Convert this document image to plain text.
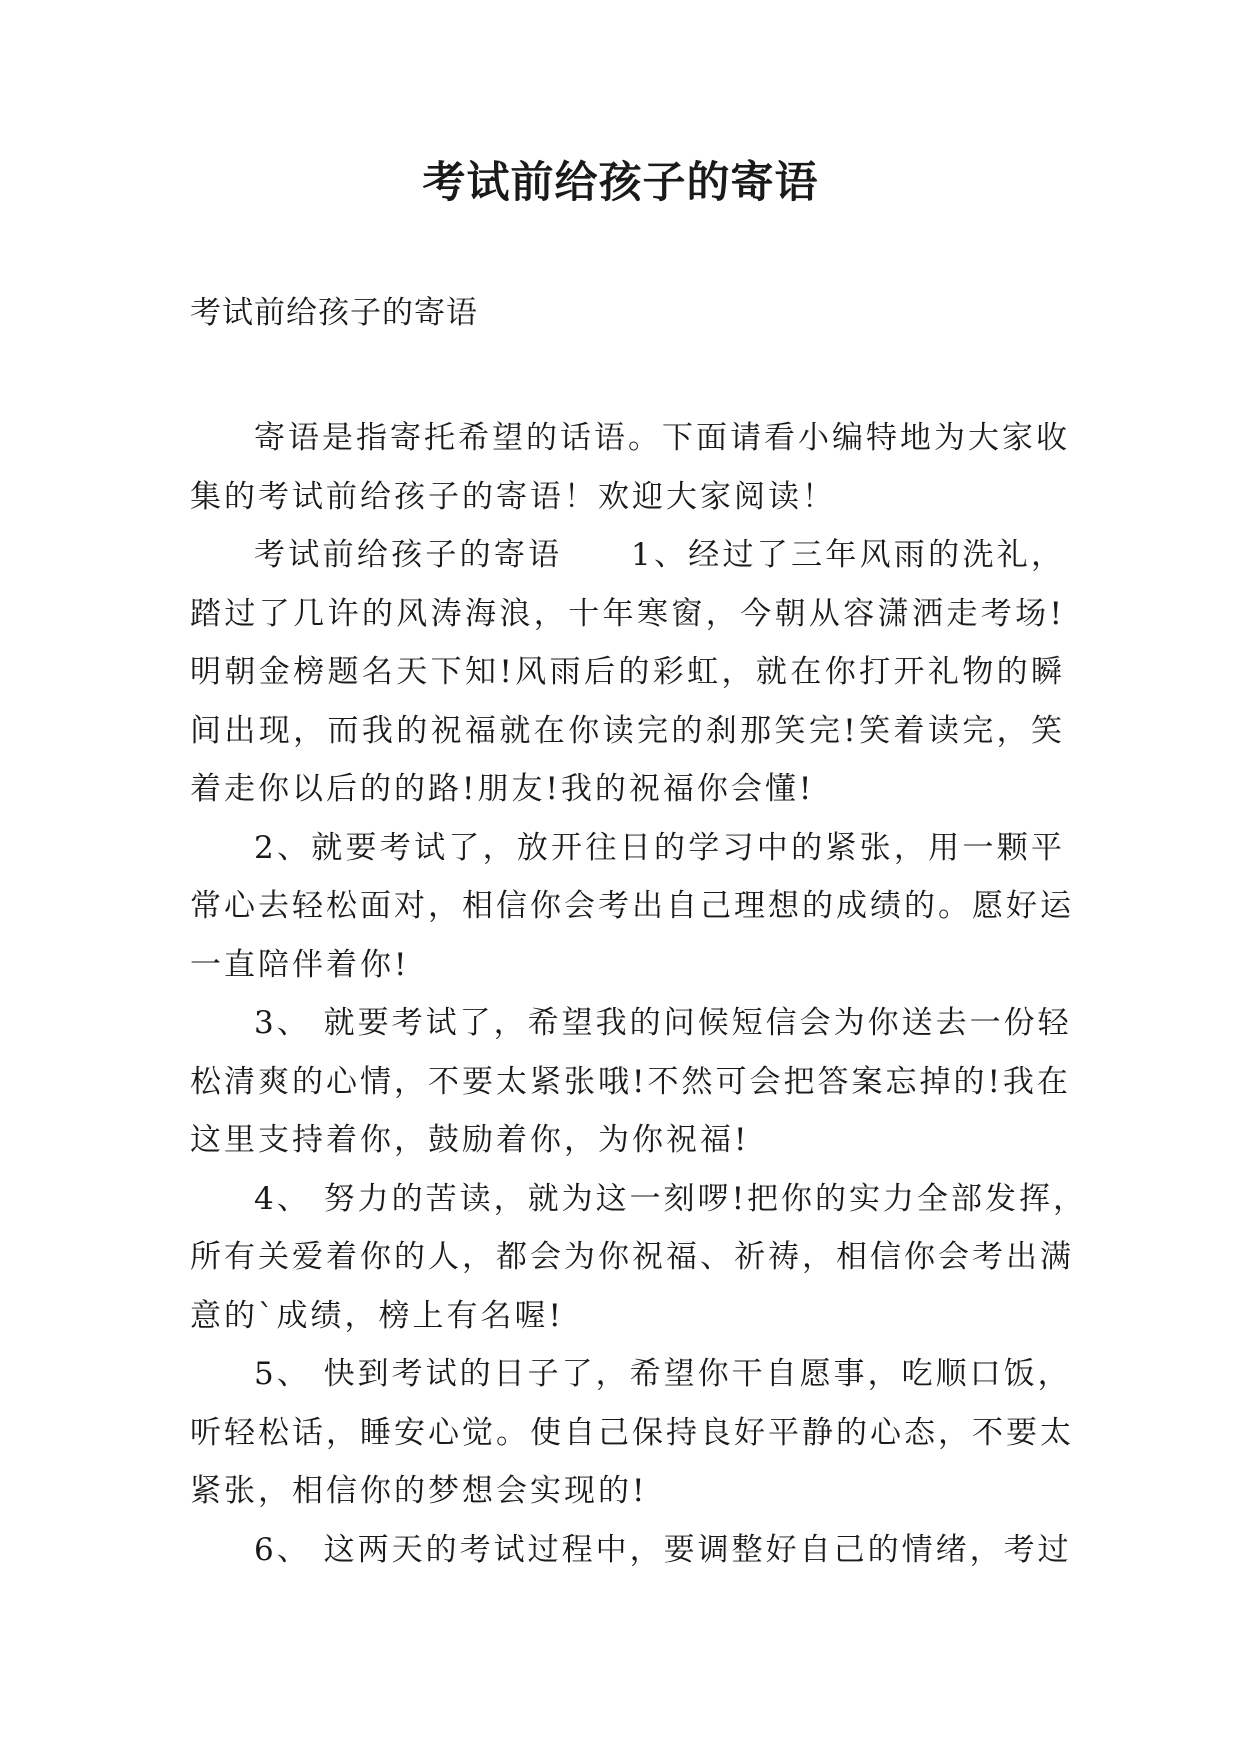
考试前给孩子的寄语

考试前给孩子的寄语

寄语是指寄托希望的话语。下面请看小编特地为大家收
集的考试前给孩子的寄语！欢迎大家阅读！

考试前给孩子的寄语　　1、经过了三年风雨的洗礼，
踏过了几许的风涛海浪，十年寒窗，今朝从容潇洒走考场!
明朝金榜题名天下知!风雨后的彩虹，就在你打开礼物的瞬
间出现，而我的祝福就在你读完的刹那笑完!笑着读完，笑
着走你以后的的路!朋友!我的祝福你会懂!

2、就要考试了，放开往日的学习中的紧张，用一颗平
常心去轻松面对，相信你会考出自己理想的成绩的。愿好运
一直陪伴着你!

3、 就要考试了，希望我的问候短信会为你送去一份轻
松清爽的心情，不要太紧张哦!不然可会把答案忘掉的!我在
这里支持着你，鼓励着你，为你祝福!

4、 努力的苦读，就为这一刻啰!把你的实力全部发挥，
所有关爱着你的人，都会为你祝福、祈祷，相信你会考出满
意的`成绩，榜上有名喔!

5、 快到考试的日子了，希望你干自愿事，吃顺口饭，
听轻松话，睡安心觉。使自己保持良好平静的心态，不要太
紧张，相信你的梦想会实现的!

6、 这两天的考试过程中，要调整好自己的情绪，考过
